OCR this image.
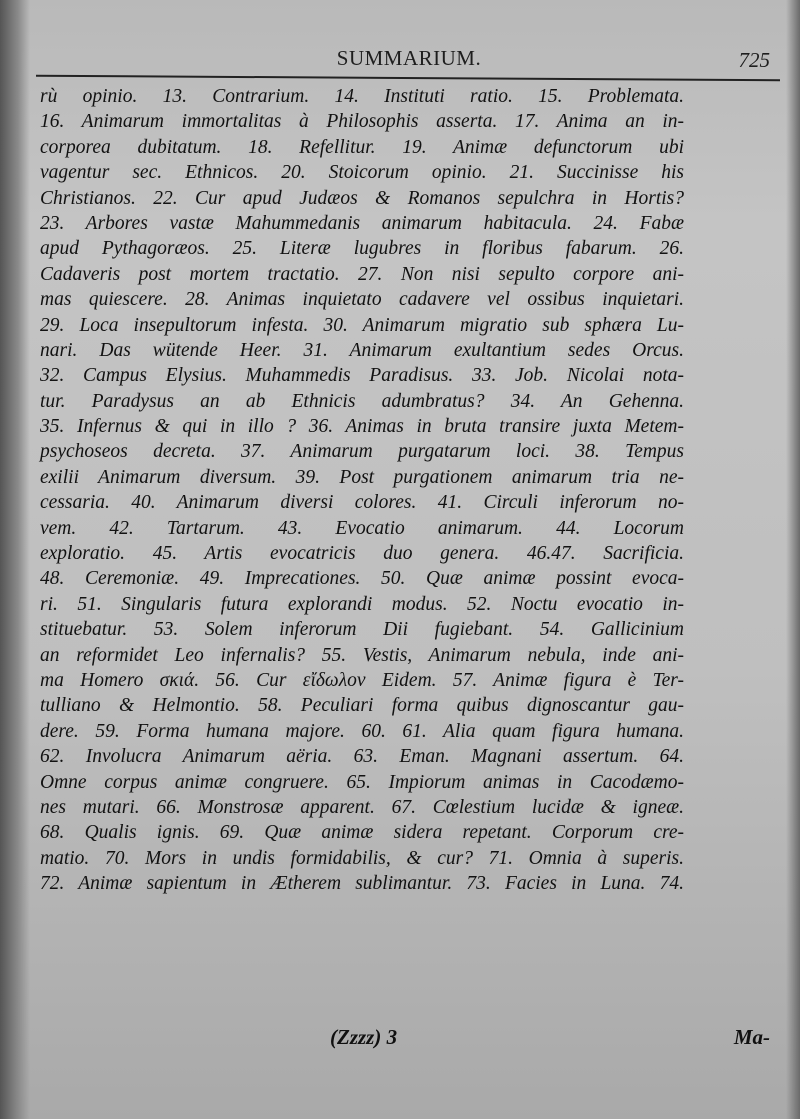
SUMMARIUM.	725
rù opinio. 13. Contrarium. 14. Instituti ratio. 15. Problemata.
16. Animarum immortalitas à Philosophis asserta. 17. Anima an in-
corporea dubitatum. 18. Refellitur. 19. Animæ defunctorum ubi
vagentur sec. Ethnicos. 20. Stoicorum opinio. 21. Succinisse his
Christianos. 22. Cur apud Judæos & Romanos sepulchra in Hortis?
23. Arbores vastæ Mahummedanis animarum habitacula. 24. Fabæ
apud Pythagoræos. 25. Literæ lugubres in floribus fabarum. 26.
Cadaveris post mortem tractatio. 27. Non nisi sepulto corpore ani-
mas quiescere. 28. Animas inquietato cadavere vel ossibus inquietari.
29. Loca insepultorum infesta. 30. Animarum migratio sub sphæra Lu-
nari. Das wütende Heer. 31. Animarum exultantium sedes Orcus.
32. Campus Elysius. Muhammedis Paradisus. 33. Job. Nicolai nota-
tur. Paradysus an ab Ethnicis adumbratus? 34. An Gehenna.
35. Infernus & qui in illo ? 36. Animas in bruta transire juxta Metem-
psychoseos decreta. 37. Animarum purgatarum loci. 38. Tempus
exilii Animarum diversum. 39. Post purgationem animarum tria ne-
cessaria. 40. Animarum diversi colores. 41. Circuli inferorum no-
vem. 42. Tartarum. 43. Evocatio animarum. 44. Locorum
exploratio. 45. Artis evocatricis duo genera. 46.47. Sacrificia.
48. Ceremoniæ. 49. Imprecationes. 50. Quæ animæ possint evoca-
ri. 51. Singularis futura explorandi modus. 52. Noctu evocatio in-
stituebatur. 53. Solem inferorum Dii fugiebant. 54. Gallicinium
an reformidet Leo infernalis? 55. Vestis, Animarum nebula, inde ani-
ma Homero σκιά. 56. Cur εἴδωλον Eidem. 57. Animæ figura è Ter-
tulliano & Helmontio. 58. Peculiari forma quibus dignoscantur gau-
dere. 59. Forma humana majore. 60. 61. Alia quam figura humana.
62. Involucra Animarum aëria. 63. Eman. Magnani assertum. 64.
Omne corpus animæ congruere. 65. Impiorum animas in Cacodæmo-
nes mutari. 66. Monstrosæ apparent. 67. Cœlestium lucidæ & igneæ.
68. Qualis ignis. 69. Quæ animæ sidera repetant. Corporum cre-
matio. 70. Mors in undis formidabilis, & cur? 71. Omnia à superis.
72. Animæ sapientum in Ætherem sublimantur. 73. Facies in Luna. 74.
(Zzzz) 3	Ma-
